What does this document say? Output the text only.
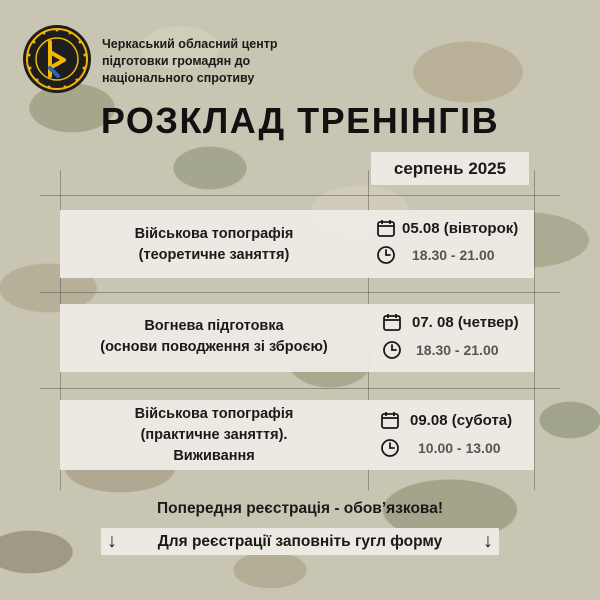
Черкаський обласний центр
підготовки громадян до
національного спротиву
РОЗКЛАД ТРЕНІНГІВ
серпень 2025
Військова топографія
(теоретичне заняття)
05.08 (вівторок)
18.30 - 21.00
Вогнева підготовка
(основи поводження зі зброєю)
07. 08 (четвер)
18.30 - 21.00
Військова топографія
(практичне заняття).
Виживання
09.08 (субота)
10.00 - 13.00
Попередня реєстрація - обов’язкова!
↓	Для реєстрації заповніть гугл форму ↓
